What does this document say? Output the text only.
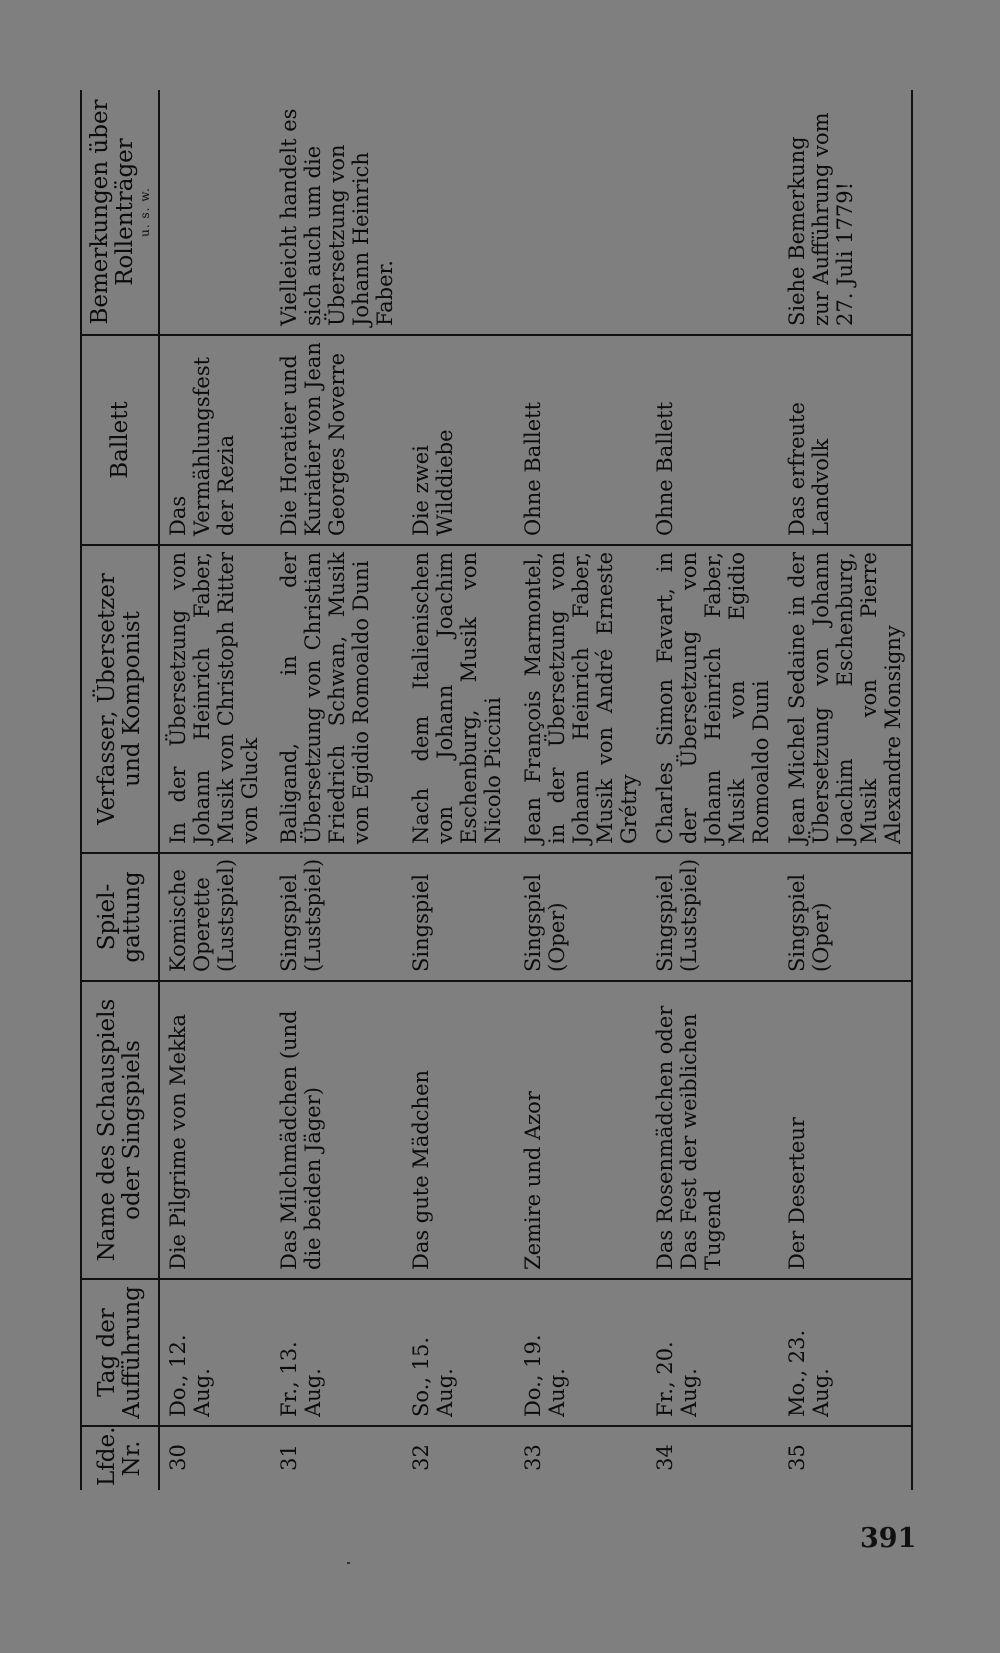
Lfde. Nr.	Tag der Aufführung	Name des Schauspiels oder Singspiels	Spiel-gattung	Verfasser, Übersetzer und Komponist	Ballett	Bemerkungen über Rollenträger u. s. w.

30	Do., 12. Aug.	Die Pilgrime von Mekka	Komische Operette (Lustspiel)	In der Übersetzung von Johann Heinrich Faber, Musik von Christoph Ritter von Gluck	Das Vermählungsfest der Rezia	
31	Fr., 13. Aug.	Das Milchmädchen (und die beiden Jäger)	Singspiel (Lustspiel)	Baligand, in der Übersetzung von Christian Friedrich Schwan, Musik von Egidio Romoaldo Duni	Die Horatier und Kuriatier von Jean Georges Noverre	Vielleicht handelt es sich auch um die Übersetzung von Johann Heinrich Faber.
32	So., 15. Aug.	Das gute Mädchen	Singspiel	Nach dem Italienischen von Johann Joachim Eschenburg, Musik von Nicolo Piccini	Die zwei Wilddiebe	
33	Do., 19. Aug.	Zemire und Azor	Singspiel (Oper)	Jean François Marmontel, in der Übersetzung von Johann Heinrich Faber, Musik von André Erneste Grétry	Ohne Ballett	
34	Fr., 20. Aug.	Das Rosenmädchen oder Das Fest der weiblichen Tugend	Singspiel (Lustspiel)	Charles Simon Favart, in der Übersetzung von Johann Heinrich Faber, Musik von Egidio Romoaldo Duni	Ohne Ballett	
35	Mo., 23. Aug.	Der Deserteur	Singspiel (Oper)	Jean Michel Sedaine in der Übersetzung von Johann Joachim Eschenburg, Musik von Pierre Alexandre Monsigny	Das erfreute Landvolk	Siehe Bemerkung zur Aufführung vom 27. Juli 1779!
391
